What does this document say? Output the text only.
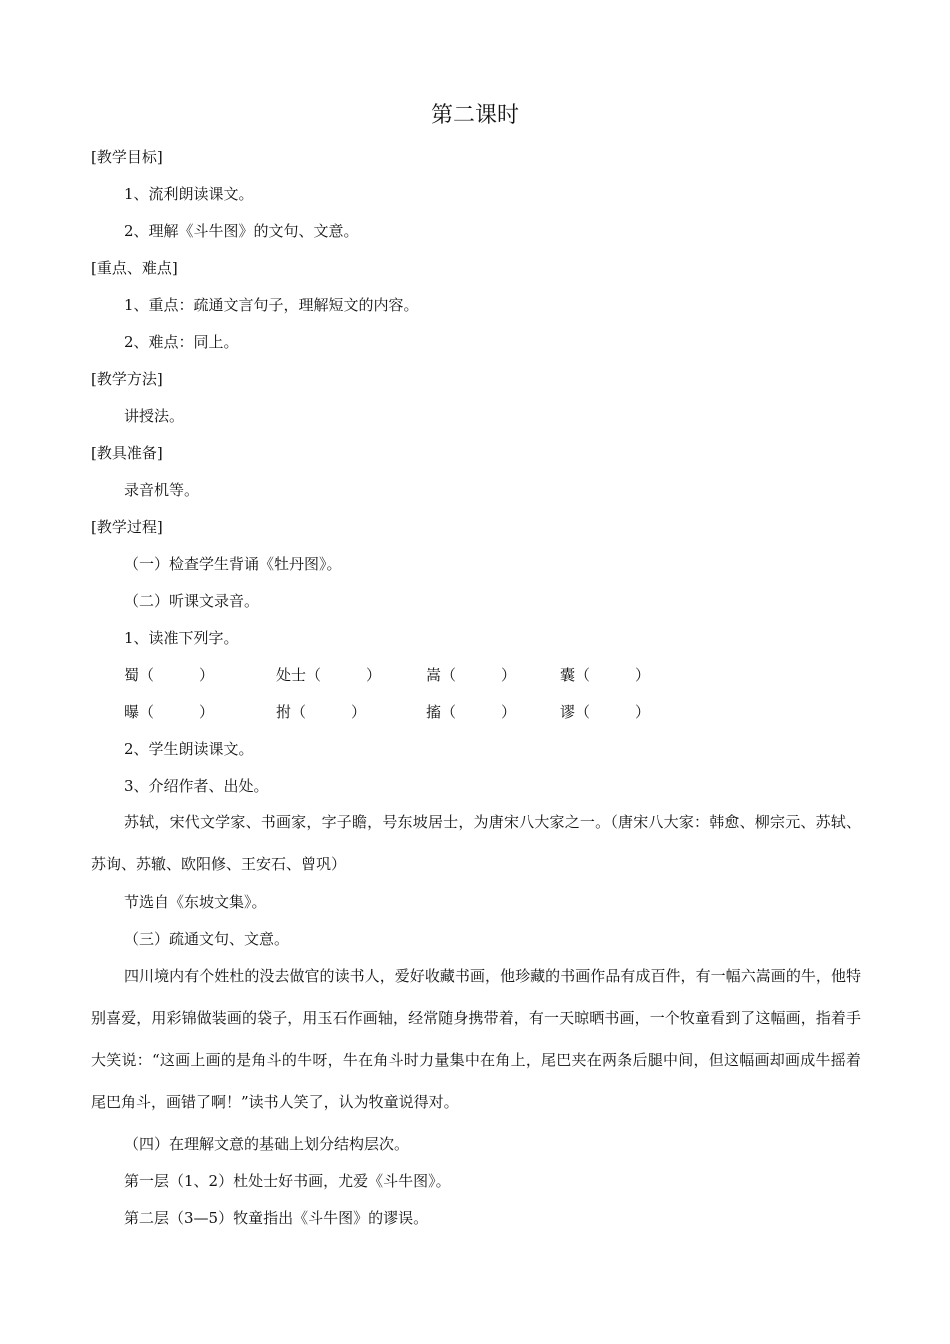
第二课时
[教学目标]
1、流利朗读课文。
2、理解《斗牛图》的文句、文意。
[重点、难点]
1、重点：疏通文言句子，理解短文的内容。
2、难点：同上。
[教学方法]
讲授法。
[教具准备]
录音机等。
[教学过程]
（一）检查学生背诵《牡丹图》。
（二）听课文录音。
1、读准下列字。
蜀（　　　）	处士（　　　）	嵩（　　　）	囊（　　　）
曝（　　　）	拊（　　　）	搐（　　　）	谬（　　　）
2、学生朗读课文。
3、介绍作者、出处。
苏轼，宋代文学家、书画家，字子瞻，号东坡居士，为唐宋八大家之一。（唐宋八大家：韩愈、柳宗元、苏轼、苏询、苏辙、欧阳修、王安石、曾巩）
节选自《东坡文集》。
（三）疏通文句、文意。
四川境内有个姓杜的没去做官的读书人，爱好收藏书画，他珍藏的书画作品有成百件，有一幅六嵩画的牛，他特别喜爱，用彩锦做装画的袋子，用玉石作画轴，经常随身携带着，有一天晾晒书画，一个牧童看到了这幅画，指着手大笑说：“这画上画的是角斗的牛呀，牛在角斗时力量集中在角上，尾巴夹在两条后腿中间，但这幅画却画成牛摇着尾巴角斗，画错了啊！”读书人笑了，认为牧童说得对。
（四）在理解文意的基础上划分结构层次。
第一层（1、2）杜处士好书画，尤爱《斗牛图》。
第二层（3—5）牧童指出《斗牛图》的谬误。
